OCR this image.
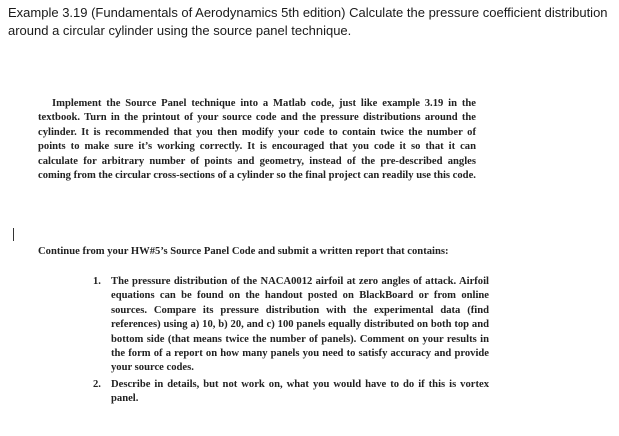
Example 3.19 (Fundamentals of Aerodynamics 5th edition) Calculate the pressure coefficient distribution around a circular cylinder using the source panel technique.

Implement the Source Panel technique into a Matlab code, just like example 3.19 in the textbook. Turn in the printout of your source code and the pressure distributions around the cylinder. It is recommended that you then modify your code to contain twice the number of points to make sure it’s working correctly. It is encouraged that you code it so that it can calculate for arbitrary number of points and geometry, instead of the pre-described angles coming from the circular cross-sections of a cylinder so the final project can readily use this code.

Continue from your HW#5’s Source Panel Code and submit a written report that contains:

1. The pressure distribution of the NACA0012 airfoil at zero angles of attack. Airfoil equations can be found on the handout posted on BlackBoard or from online sources. Compare its pressure distribution with the experimental data (find references) using a) 10, b) 20, and c) 100 panels equally distributed on both top and bottom side (that means twice the number of panels). Comment on your results in the form of a report on how many panels you need to satisfy accuracy and provide your source codes.
2. Describe in details, but not work on, what you would have to do if this is vortex panel.
